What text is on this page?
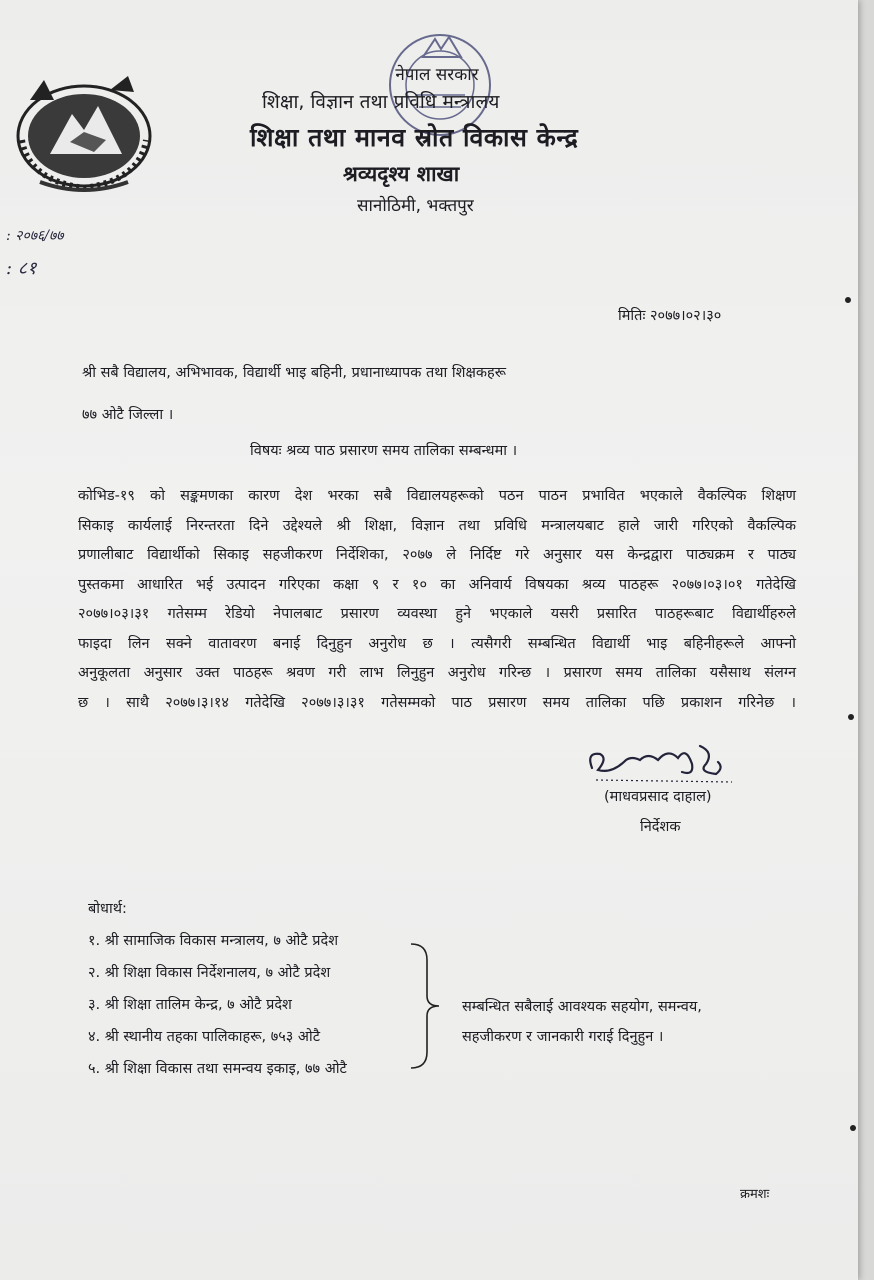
नेपाल सरकार
शिक्षा, विज्ञान तथा प्रविधि मन्त्रालय
शिक्षा तथा मानव स्रोत विकास केन्द्र
श्रव्यदृश्य शाखा
सानोठिमी, भक्तपुर
: २०७६/७७
: ८१
मितिः २०७७।०२।३०
श्री सबै विद्यालय, अभिभावक, विद्यार्थी भाइ बहिनी, प्रधानाध्यापक तथा शिक्षकहरू
७७ ओटै जिल्ला ।
विषयः श्रव्य पाठ प्रसारण समय तालिका सम्बन्धमा ।
कोभिड-१९ को सङ्कमणका कारण देश भरका सबै विद्यालयहरूको पठन पाठन प्रभावित भएकाले वैकल्पिक शिक्षण
सिकाइ कार्यलाई निरन्तरता दिने उद्देश्यले श्री शिक्षा, विज्ञान तथा प्रविधि मन्त्रालयबाट हाले जारी गरिएको वैकल्पिक
प्रणालीबाट विद्यार्थीको सिकाइ सहजीकरण निर्देशिका, २०७७ ले निर्दिष्ट गरे अनुसार यस केन्द्रद्वारा पाठ्यक्रम र पाठ्य
पुस्तकमा आधारित भई उत्पादन गरिएका कक्षा ९ र १० का अनिवार्य विषयका श्रव्य पाठहरू २०७७।०३।०१ गतेदेखि
२०७७।०३।३१ गतेसम्म रेडियो नेपालबाट प्रसारण व्यवस्था हुने भएकाले यसरी प्रसारित पाठहरूबाट विद्यार्थीहरुले
फाइदा लिन सक्ने वातावरण बनाई दिनुहुन अनुरोध छ । त्यसैगरी सम्बन्धित विद्यार्थी भाइ बहिनीहरूले आफ्नो
अनुकूलता अनुसार उक्त पाठहरू श्रवण गरी लाभ लिनुहुन अनुरोध गरिन्छ । प्रसारण समय तालिका यसैसाथ संलग्न
छ । साथै २०७७।३।१४ गतेदेखि २०७७।३।३१ गतेसम्मको पाठ प्रसारण समय तालिका पछि प्रकाशन गरिनेछ ।
(माधवप्रसाद दाहाल)
निर्देशक
बोधार्थ:
१. श्री सामाजिक विकास मन्त्रालय, ७ ओटै प्रदेश
२. श्री शिक्षा विकास निर्देशनालय, ७ ओटै प्रदेश
३. श्री शिक्षा तालिम केन्द्र, ७ ओटै प्रदेश
४. श्री स्थानीय तहका पालिकाहरू, ७५३ ओटै
५. श्री शिक्षा विकास तथा समन्वय इकाइ, ७७ ओटै
सम्बन्धित सबैलाई आवश्यक सहयोग, समन्वय,
सहजीकरण र जानकारी गराई दिनुहुन ।
क्रमशः
